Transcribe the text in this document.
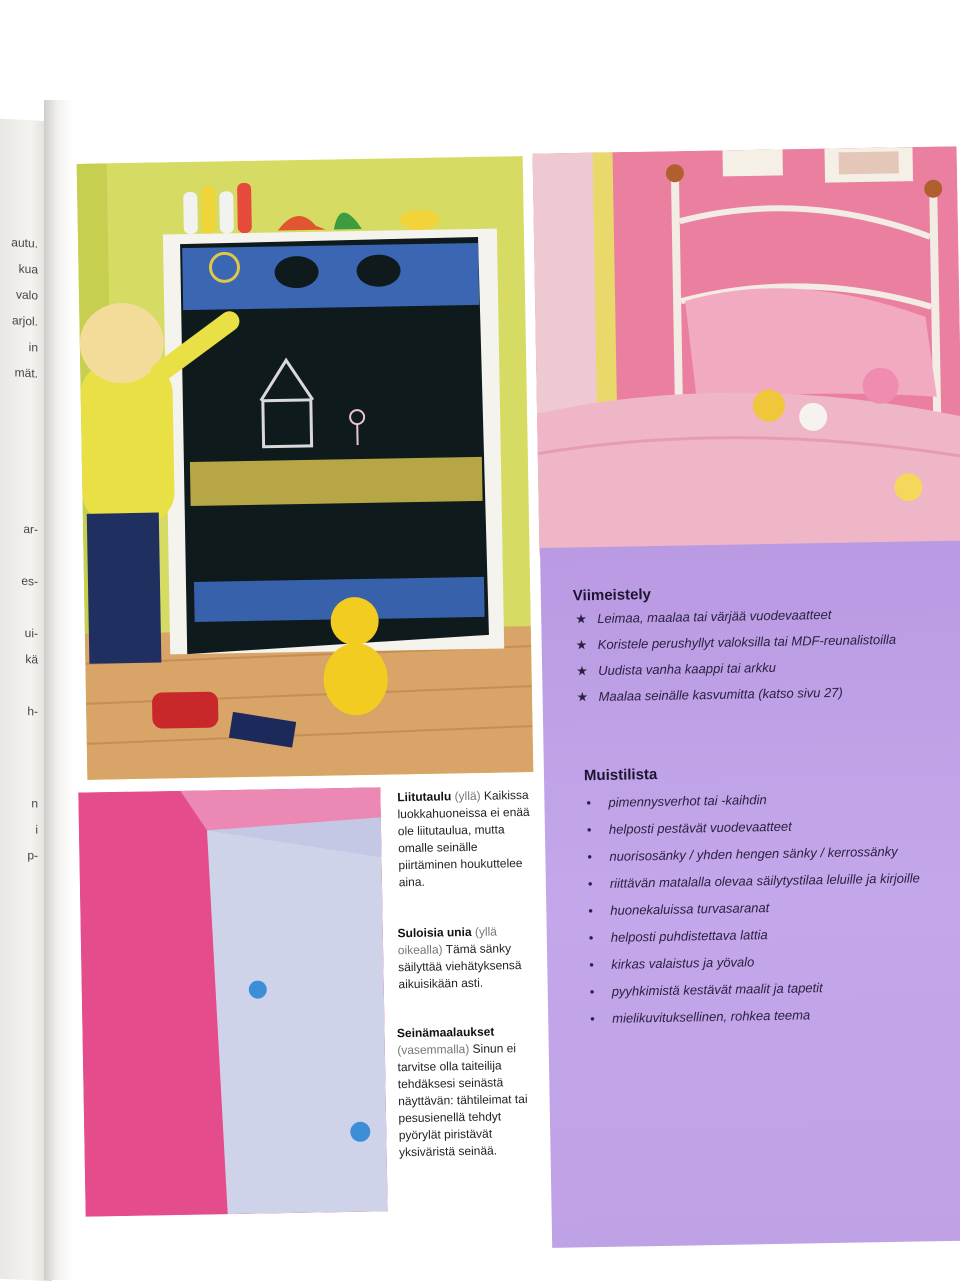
autu.
kua
valo
arjol.
in
mät.
ar-
es-
ui-
kä
h-
n
i
p-
Liitutaulu (yllä) Kaikissa luokkahuoneissa ei enää ole liitutaulua, mutta omalle seinälle piirtäminen houkuttelee aina.
Suloisia unia (yllä oikealla) Tämä sänky säilyttää viehätyksensä aikuisikään asti.
Seinämaalaukset (vasemmalla) Sinun ei tarvitse olla taiteilija tehdäksesi seinästä näyttävän: tähtileimat tai pesusienellä tehdyt pyörylät piristävät yksiväristä seinää.
Viimeistely
★ Leimaa, maalaa tai värjää vuodevaatteet
★ Koristele perushyllyt valoksilla tai MDF-reunalistoilla
★ Uudista vanha kaappi tai arkku
★ Maalaa seinälle kasvumitta (katso sivu 27)
Muistilista
• pimennysverhot tai -kaihdin
• helposti pestävät vuodevaatteet
• nuorisosänky / yhden hengen sänky / kerrossänky
• riittävän matalalla olevaa säilytystilaa leluille ja kirjoille
• huonekaluissa turvasaranat
• helposti puhdistettava lattia
• kirkas valaistus ja yövalo
• pyyhkimistä kestävät maalit ja tapetit
• mielikuvituksellinen, rohkea teema
